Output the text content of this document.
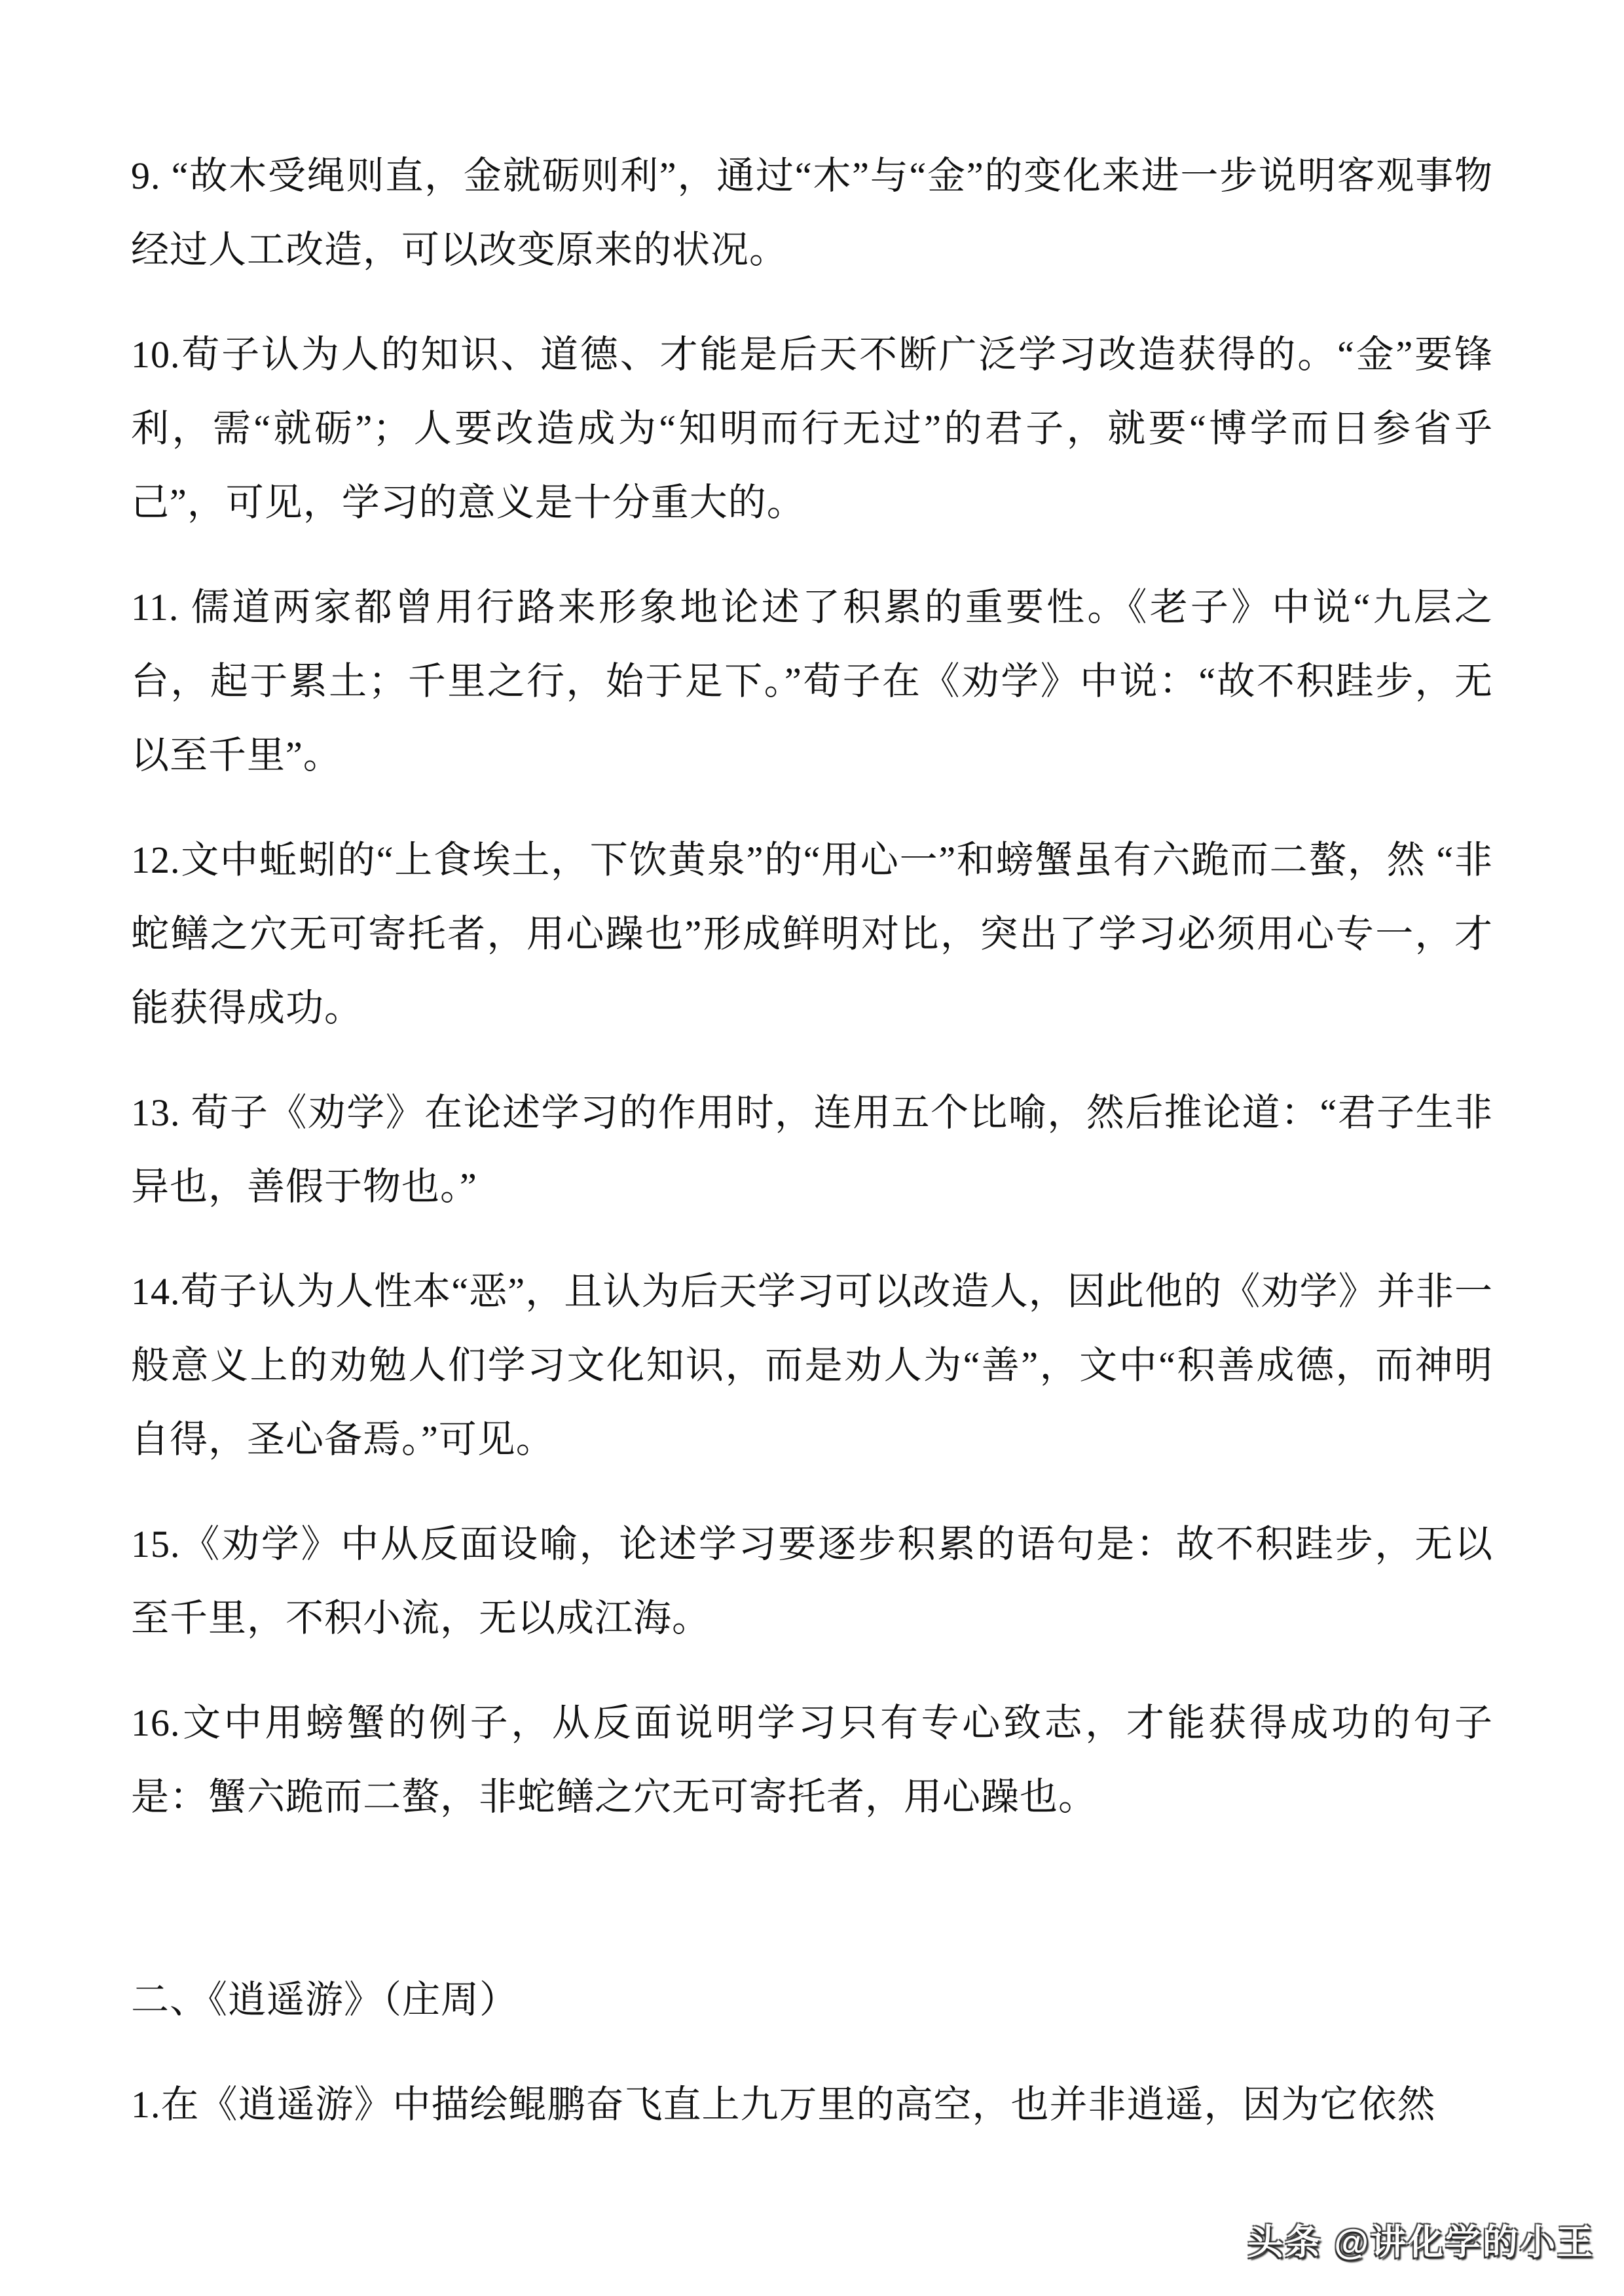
9. “故木受绳则直，金就砺则利”，通过“木”与“金”的变化来进一步说明客观事物经过人工改造，可以改变原来的状况。

10.荀子认为人的知识、道德、才能是后天不断广泛学习改造获得的。“金”要锋利，需“就砺”；人要改造成为“知明而行无过”的君子，就要“博学而日参省乎己”，可见，学习的意义是十分重大的。

11. 儒道两家都曾用行路来形象地论述了积累的重要性。《老子》中说“九层之台，起于累土；千里之行，始于足下。”荀子在《劝学》中说：“故不积跬步，无以至千里”。

12.文中蚯蚓的“上食埃土，下饮黄泉”的“用心一”和螃蟹虽有六跪而二螯，然 “非蛇鳝之穴无可寄托者，用心躁也”形成鲜明对比，突出了学习必须用心专一，才能获得成功。

13. 荀子《劝学》在论述学习的作用时，连用五个比喻，然后推论道：“君子生非异也，善假于物也。”

14.荀子认为人性本“恶”，且认为后天学习可以改造人，因此他的《劝学》并非一般意义上的劝勉人们学习文化知识，而是劝人为“善”，文中“积善成德，而神明自得，圣心备焉。”可见。

15.《劝学》中从反面设喻，论述学习要逐步积累的语句是：故不积跬步，无以至千里，不积小流，无以成江海。

16.文中用螃蟹的例子，从反面说明学习只有专心致志，才能获得成功的句子是：蟹六跪而二螯，非蛇鳝之穴无可寄托者，用心躁也。

二、《逍遥游》（庄周）

1.在《逍遥游》中描绘鲲鹏奋飞直上九万里的高空，也并非逍遥，因为它依然

头条 @讲化学的小王
